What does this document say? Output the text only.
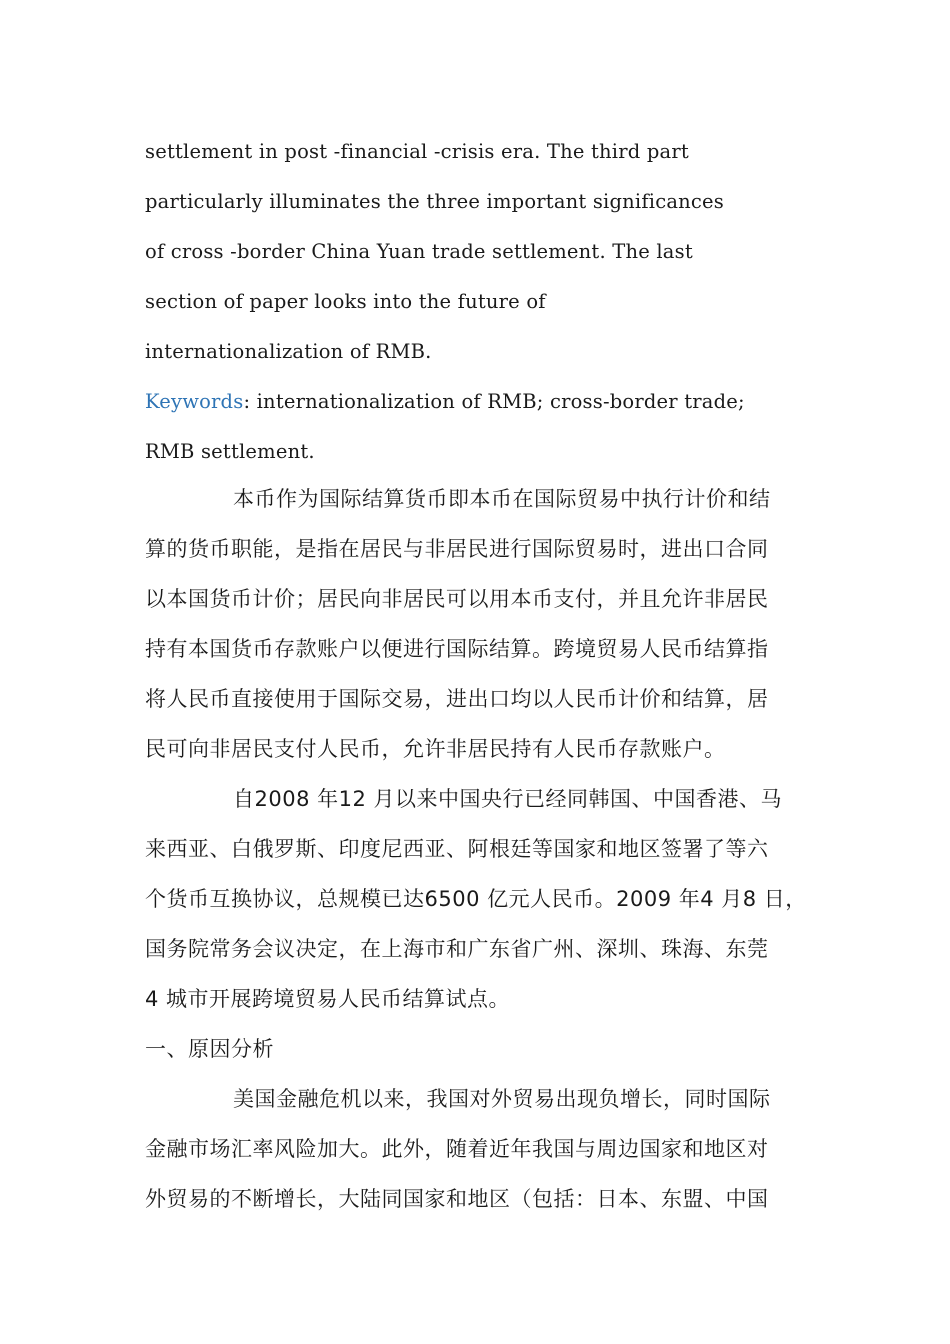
settlement in post -financial -crisis era. The third part
particularly illuminates the three important significances
of cross -border China Yuan trade settlement. The last
section of paper looks into the future of
internationalization of RMB.
Keywords: internationalization of RMB; cross-border trade;
RMB settlement.
本币作为国际结算货币即本币在国际贸易中执行计价和结
算的货币职能，是指在居民与非居民进行国际贸易时，进出口合同
以本国货币计价；居民向非居民可以用本币支付，并且允许非居民
持有本国货币存款账户以便进行国际结算。跨境贸易人民币结算指
将人民币直接使用于国际交易，进出口均以人民币计价和结算，居
民可向非居民支付人民币，允许非居民持有人民币存款账户。
自2008 年12 月以来中国央行已经同韩国、中国香港、马
来西亚、白俄罗斯、印度尼西亚、阿根廷等国家和地区签署了等六
个货币互换协议，总规模已达6500 亿元人民币。2009 年4 月8 日，
国务院常务会议决定，在上海市和广东省广州、深圳、珠海、东莞
4 城市开展跨境贸易人民币结算试点。
一、原因分析
美国金融危机以来，我国对外贸易出现负增长，同时国际
金融市场汇率风险加大。此外，随着近年我国与周边国家和地区对
外贸易的不断增长，大陆同国家和地区（包括：日本、东盟、中国
